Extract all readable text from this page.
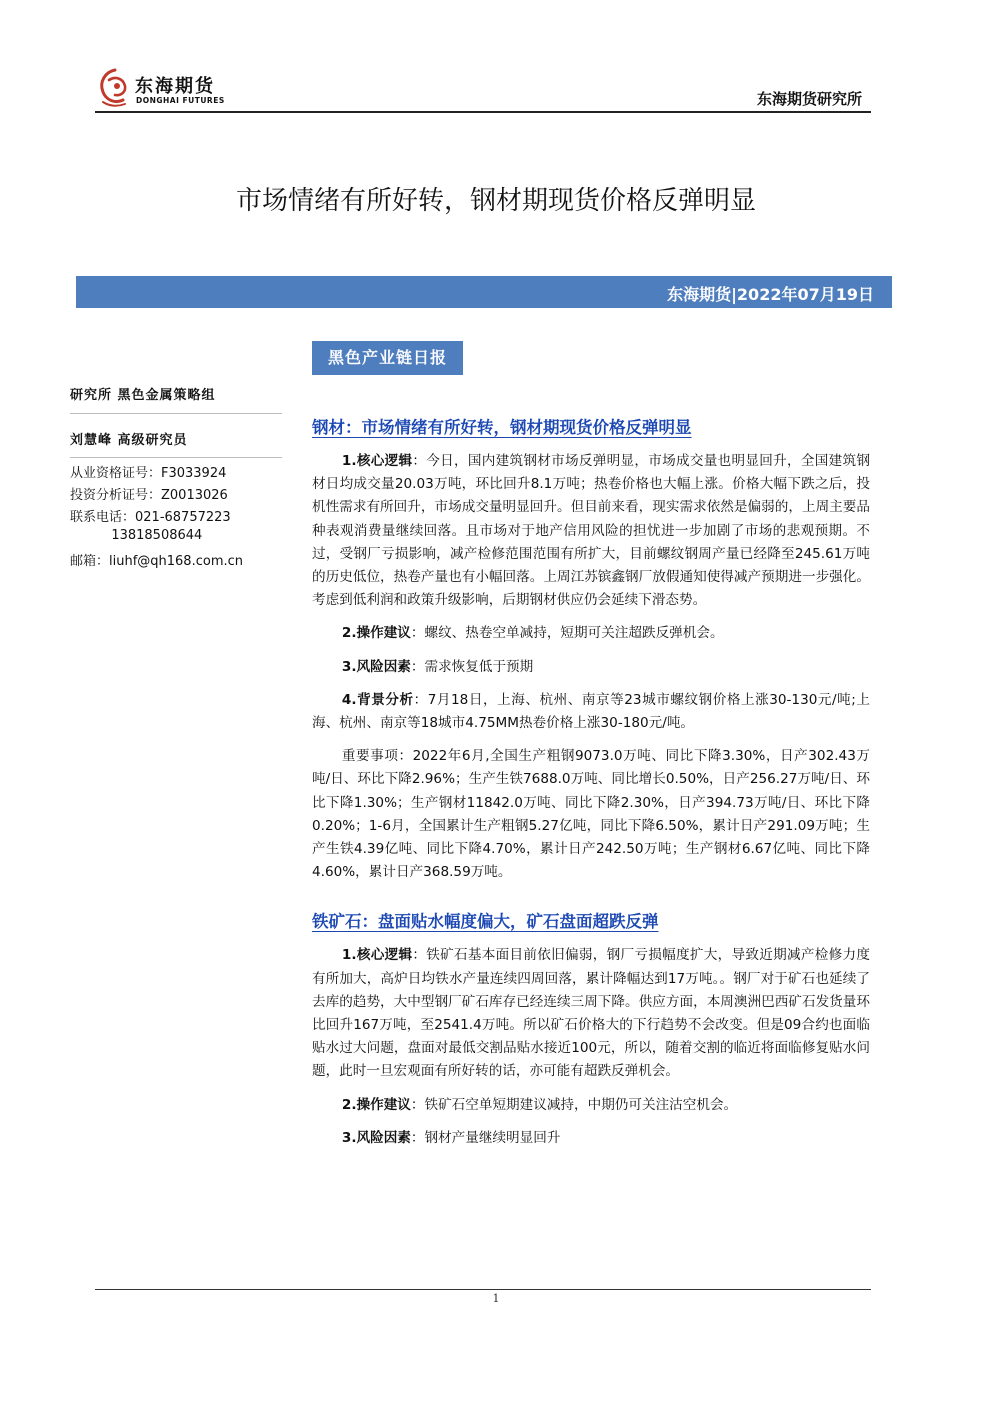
东海期货
DONGHAI FUTURES	东海期货研究所
市场情绪有所好转，钢材期现货价格反弹明显
东海期货|2022年07月19日
黑色产业链日报
研究所 黑色金属策略组
刘慧峰 高级研究员
从业资格证号：F3033924
投资分析证号：Z0013026
联系电话：021-68757223
13818508644
邮箱：liuhf@qh168.com.cn
钢材：市场情绪有所好转，钢材期现货价格反弹明显

1.核心逻辑：今日，国内建筑钢材市场反弹明显，市场成交量也明显回升，全国建筑钢材日均成交量20.03万吨，环比回升8.1万吨；热卷价格也大幅上涨。价格大幅下跌之后，投机性需求有所回升，市场成交量明显回升。但目前来看，现实需求依然是偏弱的，上周主要品种表观消费量继续回落。且市场对于地产信用风险的担忧进一步加剧了市场的悲观预期。不过，受钢厂亏损影响，减产检修范围范围有所扩大，目前螺纹钢周产量已经降至245.61万吨的历史低位，热卷产量也有小幅回落。上周江苏镔鑫钢厂放假通知使得减产预期进一步强化。考虑到低利润和政策升级影响，后期钢材供应仍会延续下滑态势。

2.操作建议：螺纹、热卷空单减持，短期可关注超跌反弹机会。

3.风险因素：需求恢复低于预期

4.背景分析：7月18日，上海、杭州、南京等23城市螺纹钢价格上涨30-130元/吨;上海、杭州、南京等18城市4.75MM热卷价格上涨30-180元/吨。

重要事项：2022年6月,全国生产粗钢9073.0万吨、同比下降3.30%，日产302.43万吨/日、环比下降2.96%；生产生铁7688.0万吨、同比增长0.50%，日产256.27万吨/日、环比下降1.30%；生产钢材11842.0万吨、同比下降2.30%，日产394.73万吨/日、环比下降0.20%；1-6月，全国累计生产粗钢5.27亿吨，同比下降6.50%，累计日产291.09万吨；生产生铁4.39亿吨、同比下降4.70%，累计日产242.50万吨；生产钢材6.67亿吨、同比下降4.60%，累计日产368.59万吨。

铁矿石：盘面贴水幅度偏大，矿石盘面超跌反弹

1.核心逻辑：铁矿石基本面目前依旧偏弱，钢厂亏损幅度扩大，导致近期减产检修力度有所加大，高炉日均铁水产量连续四周回落，累计降幅达到17万吨。。钢厂对于矿石也延续了去库的趋势，大中型钢厂矿石库存已经连续三周下降。供应方面，本周澳洲巴西矿石发货量环比回升167万吨，至2541.4万吨。所以矿石价格大的下行趋势不会改变。但是09合约也面临贴水过大问题，盘面对最低交割品贴水接近100元，所以，随着交割的临近将面临修复贴水问题，此时一旦宏观面有所好转的话，亦可能有超跌反弹机会。

2.操作建议：铁矿石空单短期建议减持，中期仍可关注沽空机会。

3.风险因素：钢材产量继续明显回升

1
